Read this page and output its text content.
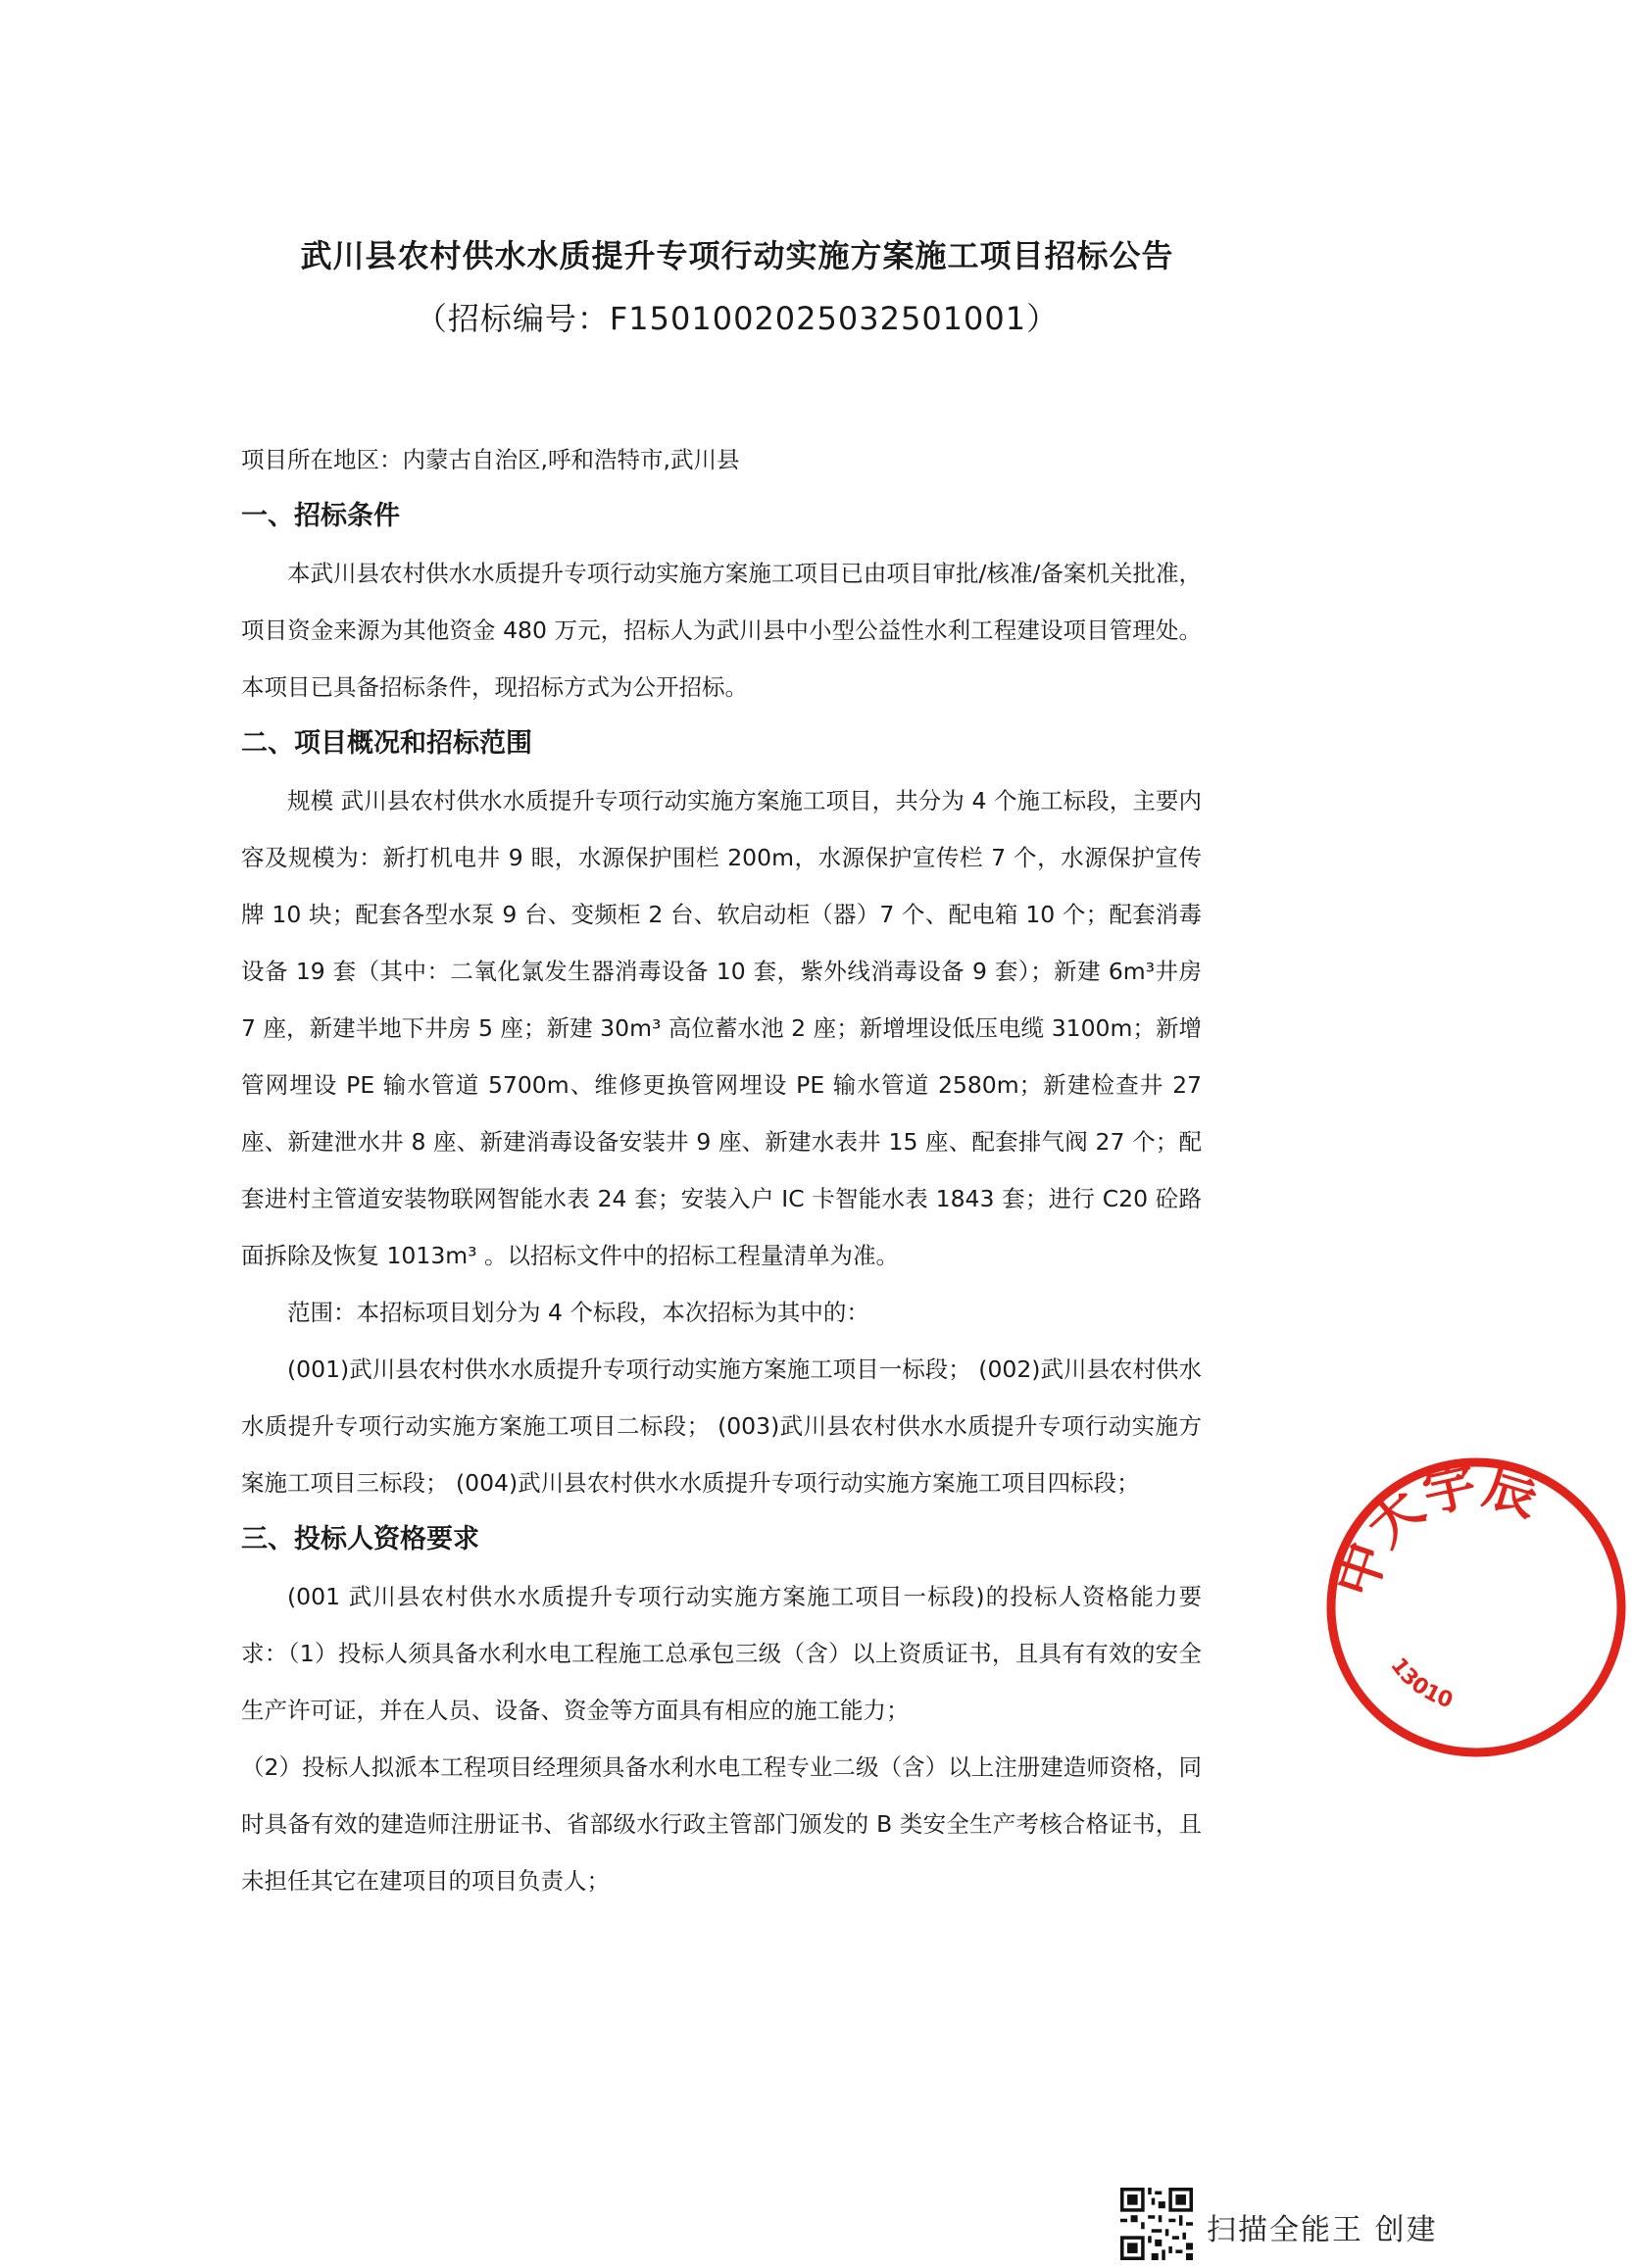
武川县农村供水水质提升专项行动实施方案施工项目招标公告
（招标编号：F1501002025032501001）

项目所在地区：内蒙古自治区,呼和浩特市,武川县

一、招标条件

本武川县农村供水水质提升专项行动实施方案施工项目已由项目审批/核准/备案机关批准，项目资金来源为其他资金 480 万元，招标人为武川县中小型公益性水利工程建设项目管理处。本项目已具备招标条件，现招标方式为公开招标。

二、项目概况和招标范围

规模 武川县农村供水水质提升专项行动实施方案施工项目，共分为 4 个施工标段，主要内容及规模为：新打机电井 9 眼，水源保护围栏 200m，水源保护宣传栏 7 个，水源保护宣传牌 10 块；配套各型水泵 9 台、变频柜 2 台、软启动柜（器）7 个、配电箱 10 个；配套消毒设备 19 套（其中：二氧化氯发生器消毒设备 10 套，紫外线消毒设备 9 套）；新建 6m³井房 7 座，新建半地下井房 5 座；新建 30m³ 高位蓄水池 2 座；新增埋设低压电缆 3100m；新增管网埋设 PE 输水管道 5700m、维修更换管网埋设 PE 输水管道 2580m；新建检查井 27 座、新建泄水井 8 座、新建消毒设备安装井 9 座、新建水表井 15 座、配套排气阀 27 个；配套进村主管道安装物联网智能水表 24 套；安装入户 IC 卡智能水表 1843 套；进行 C20 砼路面拆除及恢复 1013m³ 。以招标文件中的招标工程量清单为准。

范围：本招标项目划分为 4 个标段，本次招标为其中的：

(001)武川县农村供水水质提升专项行动实施方案施工项目一标段； (002)武川县农村供水水质提升专项行动实施方案施工项目二标段； (003)武川县农村供水水质提升专项行动实施方案施工项目三标段； (004)武川县农村供水水质提升专项行动实施方案施工项目四标段；

三、投标人资格要求

(001 武川县农村供水水质提升专项行动实施方案施工项目一标段)的投标人资格能力要求：（1）投标人须具备水利水电工程施工总承包三级（含）以上资质证书，且具有有效的安全生产许可证，并在人员、设备、资金等方面具有相应的施工能力；

（2）投标人拟派本工程项目经理须具备水利水电工程专业二级（含）以上注册建造师资格，同时具备有效的建造师注册证书、省部级水行政主管部门颁发的 B 类安全生产考核合格证书，且未担任其它在建项目的项目负责人；

中大宇辰
13010
扫描全能王 创建
